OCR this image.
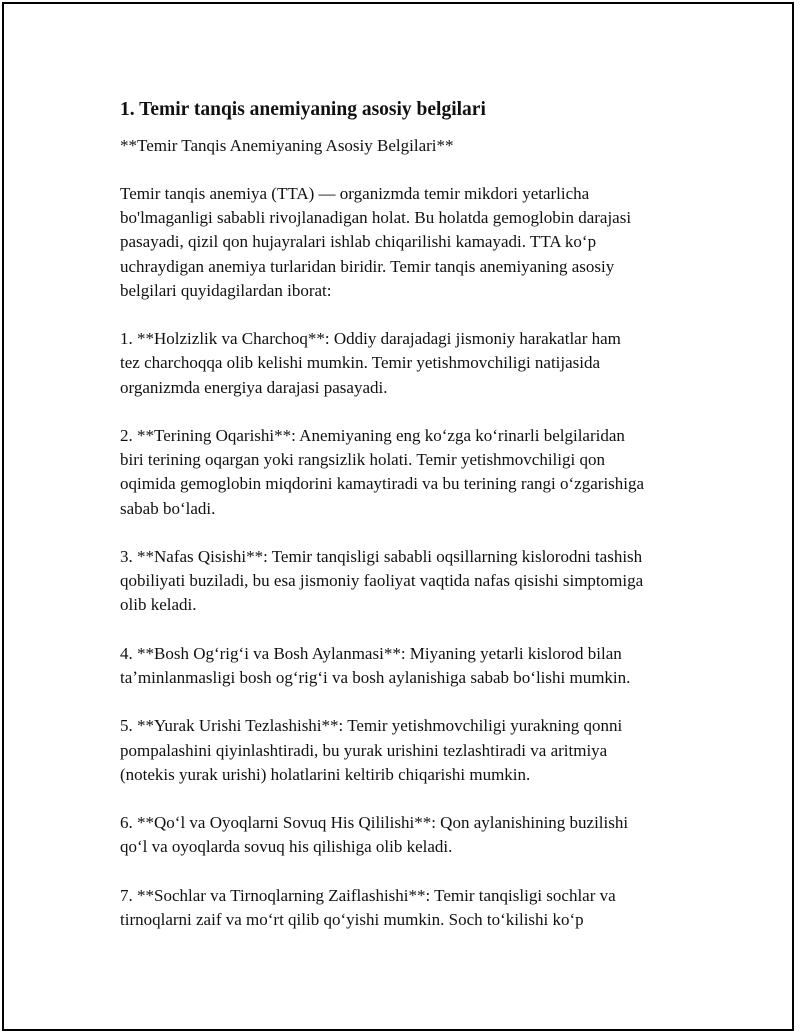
1. Temir tanqis anemiyaning asosiy belgilari
**Temir Tanqis Anemiyaning Asosiy Belgilari**
Temir tanqis anemiya (TTA) — organizmda temir mikdori yetarlicha
bo'lmaganligi sababli rivojlanadigan holat. Bu holatda gemoglobin darajasi
pasayadi, qizil qon hujayralari ishlab chiqarilishi kamayadi. TTA koʻp
uchraydigan anemiya turlaridan biridir. Temir tanqis anemiyaning asosiy
belgilari quyidagilardan iborat:
1. **Holzizlik va Charchoq**: Oddiy darajadagi jismoniy harakatlar ham
tez charchoqqa olib kelishi mumkin. Temir yetishmovchiligi natijasida
organizmda energiya darajasi pasayadi.
2. **Terining Oqarishi**: Anemiyaning eng koʻzga koʻrinarli belgilaridan
biri terining oqargan yoki rangsizlik holati. Temir yetishmovchiligi qon
oqimida gemoglobin miqdorini kamaytiradi va bu terining rangi oʻzgarishiga
sabab boʻladi.
3. **Nafas Qisishi**: Temir tanqisligi sababli oqsillarning kislorodni tashish
qobiliyati buziladi, bu esa jismoniy faoliyat vaqtida nafas qisishi simptomiga
olib keladi.
4. **Bosh Ogʻrigʻi va Bosh Aylanmasi**: Miyaning yetarli kislorod bilan
taʼminlanmasligi bosh ogʻrigʻi va bosh aylanishiga sabab boʻlishi mumkin.
5. **Yurak Urishi Tezlashishi**: Temir yetishmovchiligi yurakning qonni
pompalashini qiyinlashtiradi, bu yurak urishini tezlashtiradi va aritmiya
(notekis yurak urishi) holatlarini keltirib chiqarishi mumkin.
6. **Qoʻl va Oyoqlarni Sovuq His Qililishi**: Qon aylanishining buzilishi
qoʻl va oyoqlarda sovuq his qilishiga olib keladi.
7. **Sochlar va Tirnoqlarning Zaiflashishi**: Temir tanqisligi sochlar va
tirnoqlarni zaif va moʻrt qilib qoʻyishi mumkin. Soch toʻkilishi koʻp
